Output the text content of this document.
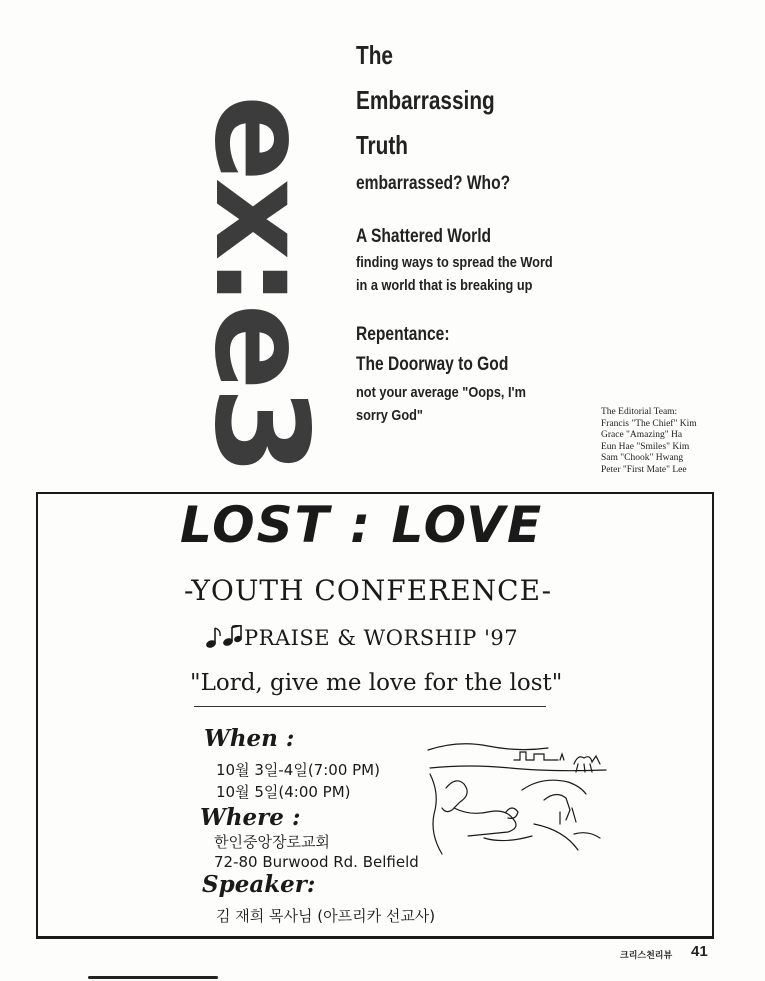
ex:e3
The
Embarrassing
Truth
embarrassed? Who?
A Shattered World
finding ways to spread the Word
in a world that is breaking up
Repentance:
The Doorway to God
not your average "Oops, I'm
sorry God"	The Editorial Team:
Francis "The Chief" Kim
Grace "Amazing" Ha
Eun Hae "Smiles" Kim
Sam "Chook" Hwang
Peter "First Mate" Lee
LOST : LOVE
-YOUTH CONFERENCE-
PRAISE & WORSHIP '97
"Lord, give me love for the lost"
When :
10월 3일-4일(7:00 PM)
10월 5일(4:00 PM)
Where :
한인중앙장로교회
72-80 Burwood Rd. Belfield
Speaker:
김 재희 목사님 (아프리카 선교사)
크리스천리뷰 41
